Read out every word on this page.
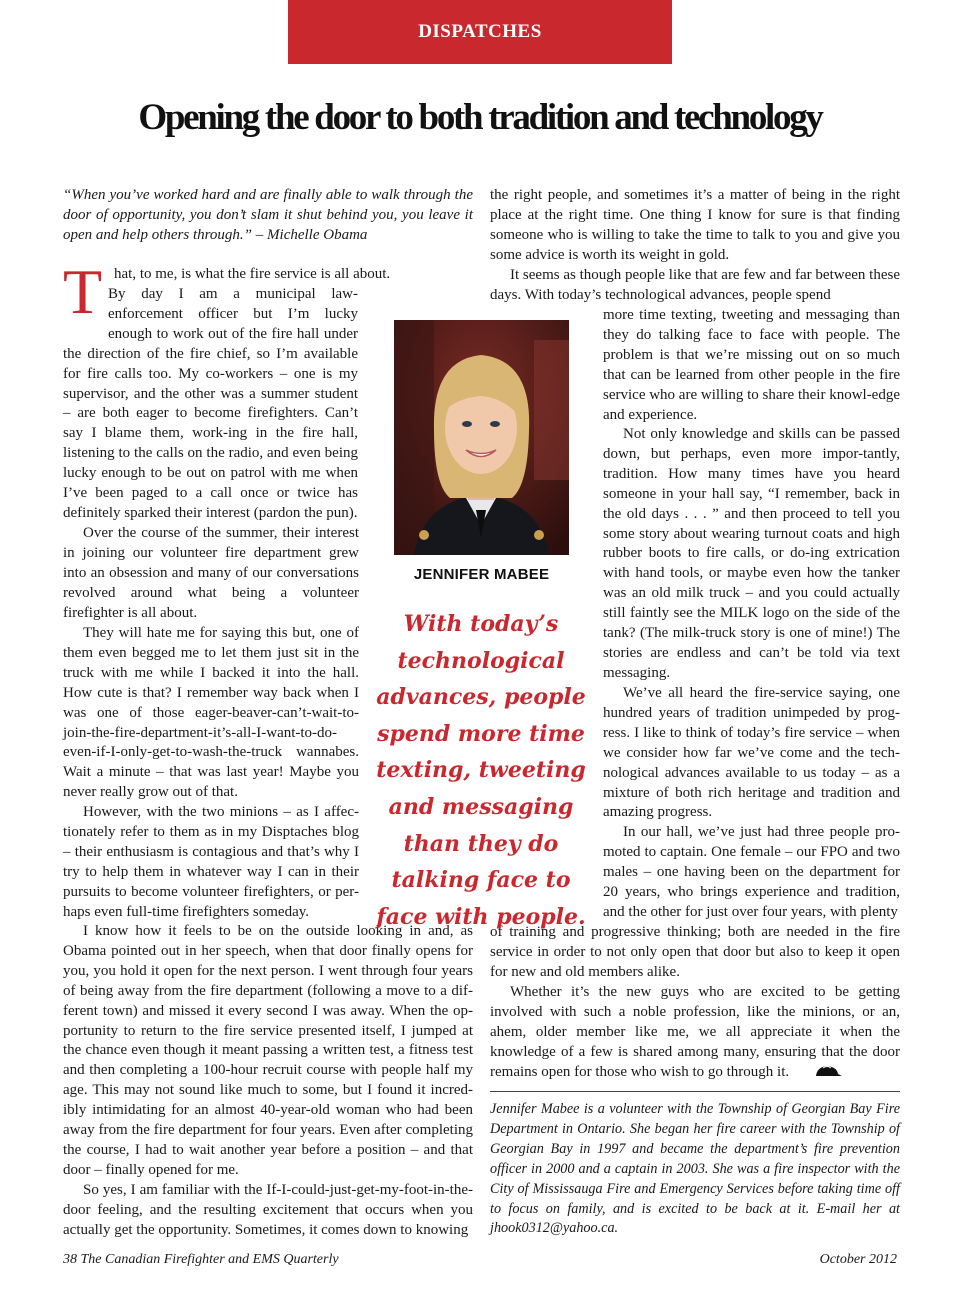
DISPATCHES
Opening the door to both tradition and technology
“When you’ve worked hard and are finally able to walk through the door of opportunity, you don’t slam it shut behind you, you leave it open and help others through.” – Michelle Obama
T hat, to me, is what the fire service is all about.
By day I am a municipal law-enforcement officer but I’m lucky enough to work out of the fire hall under the direction of the fire chief, so I’m available for fire calls too. My co-workers – one is my supervisor, and the other was a summer student – are both eager to become firefighters. Can’t say I blame them, work-ing in the fire hall, listening to the calls on the radio, and even being lucky enough to be out on patrol with me when I’ve been paged to a call once or twice has definitely sparked their interest (pardon the pun).
Over the course of the summer, their interest in joining our volunteer fire department grew into an obsession and many of our conversations revolved around what being a volunteer firefighter is all about.
They will hate me for saying this but, one of them even begged me to let them just sit in the truck with me while I backed it into the hall. How cute is that? I remember way back when I was one of those eager-beaver-can’t-wait-to-join-the-fire-department-it’s-all-I-want-to-do-even-if-I-only-get-to-wash-the-truck wannabes. Wait a minute – that was last year! Maybe you never really grow out of that.
However, with the two minions – as I affec-tionately refer to them as in my Disptaches blog – their enthusiasm is contagious and that’s why I try to help them in whatever way I can in their pursuits to become volunteer firefighters, or per-haps even full-time firefighters someday.
I know how it feels to be on the outside looking in and, as Obama pointed out in her speech, when that door finally opens for you, you hold it open for the next person. I went through four years of being away from the fire department (following a move to a dif-ferent town) and missed it every second I was away. When the op-portunity to return to the fire service presented itself, I jumped at the chance even though it meant passing a written test, a fitness test and then completing a 100-hour recruit course with people half my age. This may not sound like much to some, but I found it incred-ibly intimidating for an almost 40-year-old woman who had been away from the fire department for four years. Even after completing the course, I had to wait another year before a position – and that door – finally opened for me.
So yes, I am familiar with the If-I-could-just-get-my-foot-in-the-door feeling, and the resulting excitement that occurs when you actually get the opportunity. Sometimes, it comes down to knowing
the right people, and sometimes it’s a matter of being in the right place at the right time. One thing I know for sure is that finding someone who is willing to take the time to talk to you and give you some advice is worth its weight in gold.
It seems as though people like that are few and far between these days. With today’s technological advances, people spend
more time texting, tweeting and messaging than they do talking face to face with people. The problem is that we’re missing out on so much that can be learned from other people in the fire service who are willing to share their knowl-edge and experience.
Not only knowledge and skills can be passed down, but perhaps, even more impor-tantly, tradition. How many times have you heard someone in your hall say, “I remember, back in the old days . . . ” and then proceed to tell you some story about wearing turnout coats and high rubber boots to fire calls, or do-ing extrication with hand tools, or maybe even how the tanker was an old milk truck – and you could actually still faintly see the MILK logo on the side of the tank? (The milk-truck story is one of mine!) The stories are endless and can’t be told via text messaging.
We’ve all heard the fire-service saying, one hundred years of tradition unimpeded by prog-ress. I like to think of today’s fire service – when we consider how far we’ve come and the tech-nological advances available to us today – as a mixture of both rich heritage and tradition and amazing progress.
In our hall, we’ve just had three people pro-moted to captain. One female – our FPO and two males – one having been on the department for 20 years, who brings experience and tradition, and the other for just over four years, with plenty
of training and progressive thinking; both are needed in the fire service in order to not only open that door but also to keep it open for new and old members alike.
Whether it’s the new guys who are excited to be getting involved with such a noble profession, like the minions, or an, ahem, older member like me, we all appreciate it when the knowledge of a few is shared among many, ensuring that the door remains open for those who wish to go through it.
JENNIFER MABEE
With today’s technological advances, people spend more time texting, tweeting and messaging than they do talking face to face with people.
Jennifer Mabee is a volunteer with the Township of Georgian Bay Fire Department in Ontario. She began her fire career with the Township of Georgian Bay in 1997 and became the department’s fire prevention officer in 2000 and a captain in 2003. She was a fire inspector with the City of Mississauga Fire and Emergency Services before taking time off to focus on family, and is excited to be back at it. E-mail her at jhook0312@yahoo.ca.
38 The Canadian Firefighter and EMS Quarterly	October 2012
